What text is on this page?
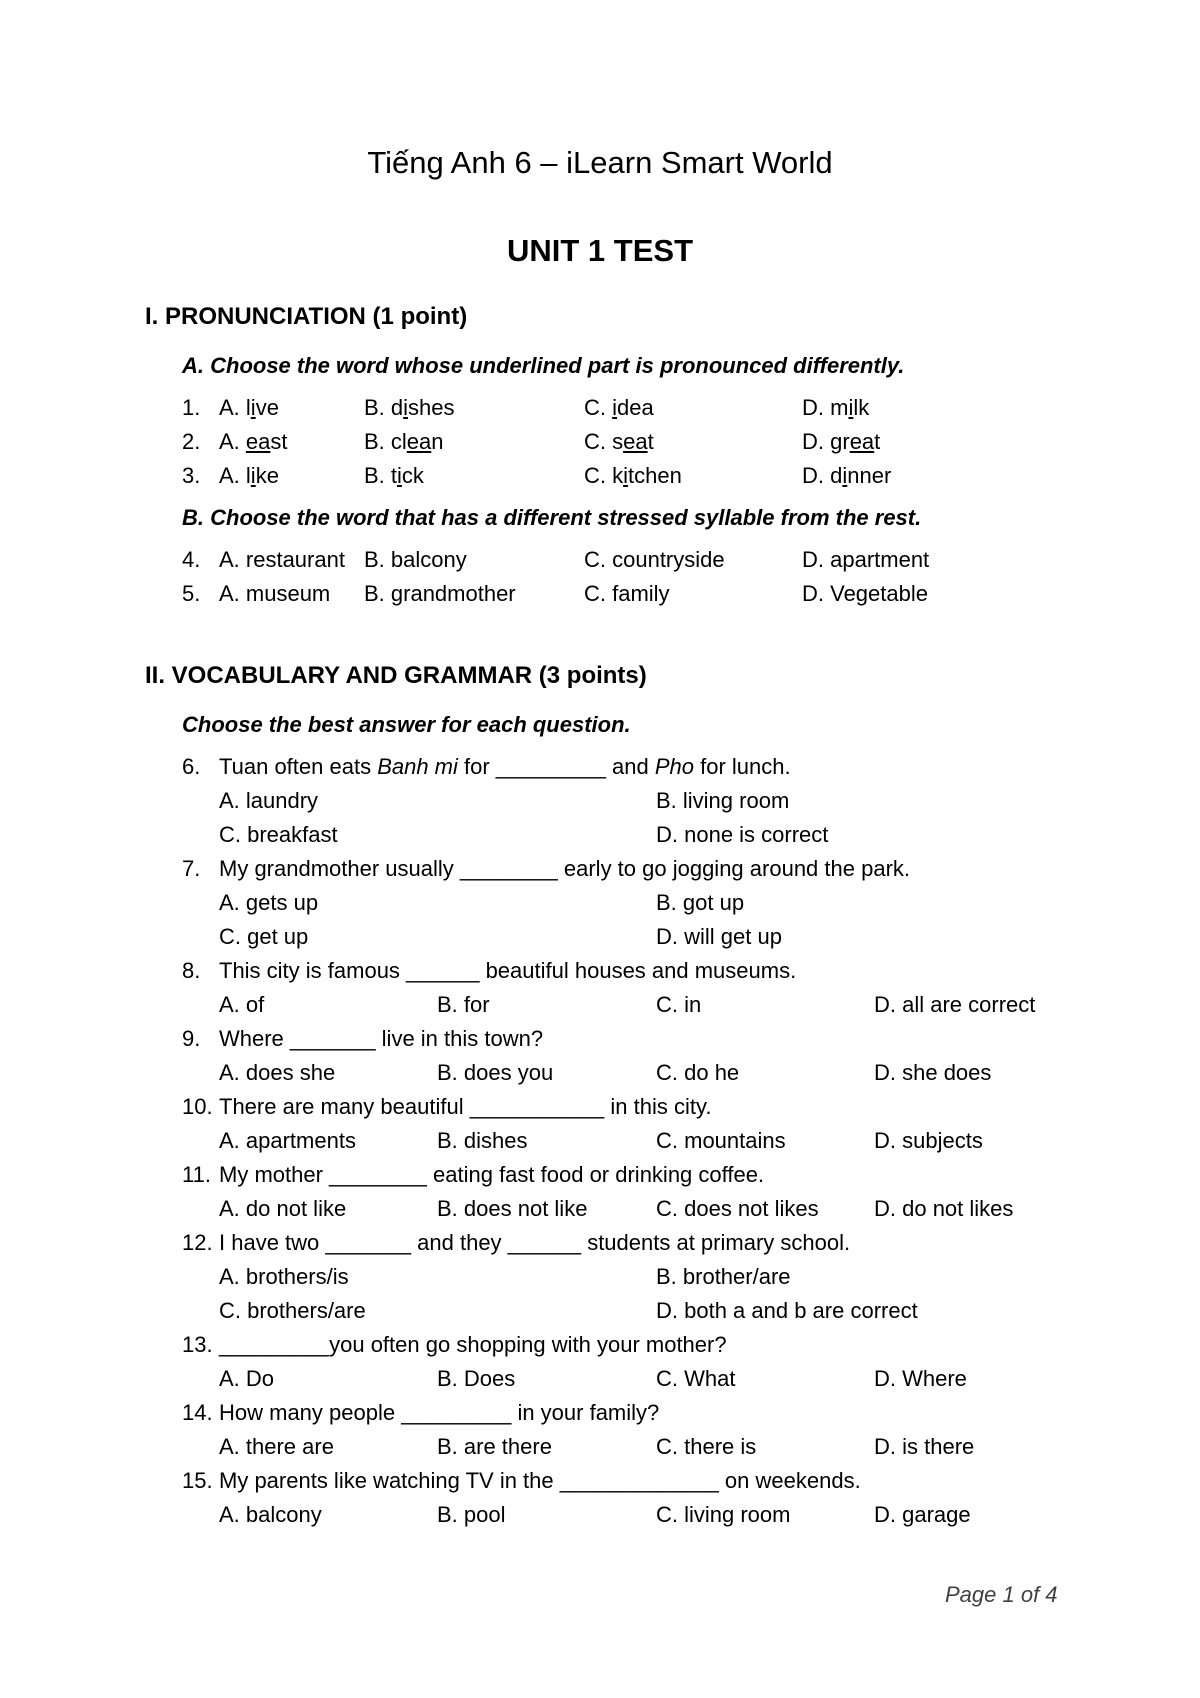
Tiếng Anh 6 – iLearn Smart World
UNIT 1 TEST
I. PRONUNCIATION (1 point)
A. Choose the word whose underlined part is pronounced differently.
1. A. live	B. dishes	C. idea	D. milk
2. A. east	B. clean	C. seat	D. great
3. A. like	B. tick	C. kitchen	D. dinner
B. Choose the word that has a different stressed syllable from the rest.
4. A. restaurant B. balcony	C. countryside	D. apartment
5. A. museum B. grandmother	C. family	D. Vegetable
II. VOCABULARY AND GRAMMAR (3 points)
Choose the best answer for each question.
6. Tuan often eats Banh mi for _________ and Pho for lunch.
A. laundry	B. living room
C. breakfast	D. none is correct
7. My grandmother usually ________ early to go jogging around the park.
A. gets up	B. got up
C. get up	D. will get up
8. This city is famous ______ beautiful houses and museums.
A. of	B. for	C. in	D. all are correct
9. Where _______ live in this town?
A. does she	B. does you	C. do he	D. she does
10. There are many beautiful ___________ in this city.
A. apartments	B. dishes	C. mountains	D. subjects
11. My mother ________ eating fast food or drinking coffee.
A. do not like	B. does not like	C. does not likes	D. do not likes
12. I have two _______ and they ______ students at primary school.
A. brothers/is	B. brother/are
C. brothers/are	D. both a and b are correct
13. _________you often go shopping with your mother?
A. Do	B. Does	C. What	D. Where
14. How many people _________ in your family?
A. there are	B. are there	C. there is	D. is there
15. My parents like watching TV in the _____________ on weekends.
A. balcony	B. pool	C. living room	D. garage
Page 1 of 4
